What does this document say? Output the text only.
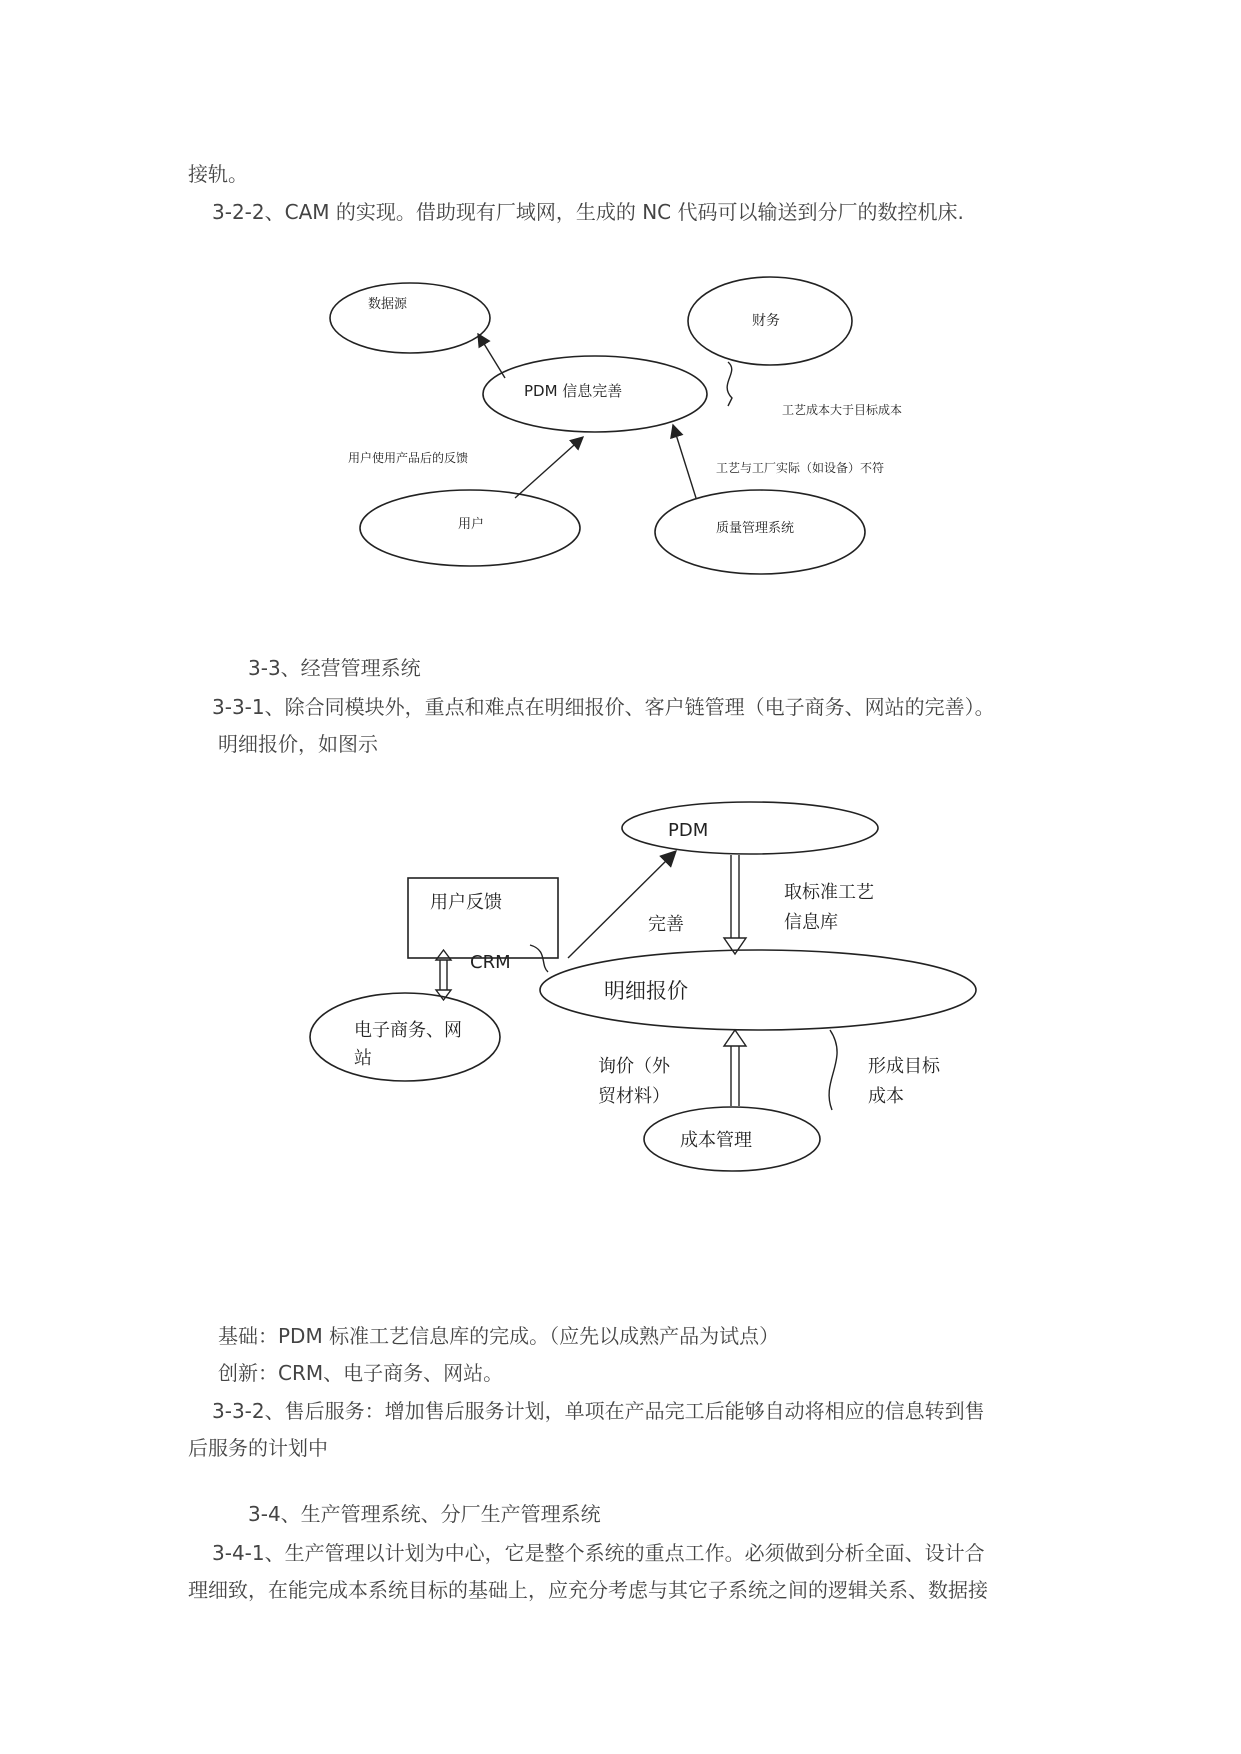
接轨。
3-2-2、CAM 的实现。借助现有厂域网，生成的 NC 代码可以输送到分厂的数控机床.
数据源
财务
PDM 信息完善
用户	质量管理系统
用户使用产品后的反馈
工艺成本大于目标成本
工艺与工厂实际（如设备）不符
3-3、经营管理系统
3-3-1、除合同模块外，重点和难点在明细报价、客户链管理（电子商务、网站的完善）。
明细报价，如图示
PDM
用户反馈
电子商务、网
站
明细报价
成本管理
CRM
完善
取标准工艺
信息库
询价（外
贸材料）
形成目标
成本
基础：PDM 标准工艺信息库的完成。（应先以成熟产品为试点）
创新：CRM、电子商务、网站。
3-3-2、售后服务：增加售后服务计划，单项在产品完工后能够自动将相应的信息转到售
后服务的计划中
3-4、生产管理系统、分厂生产管理系统
3-4-1、生产管理以计划为中心，它是整个系统的重点工作。必须做到分析全面、设计合
理细致，在能完成本系统目标的基础上，应充分考虑与其它子系统之间的逻辑关系、数据接
